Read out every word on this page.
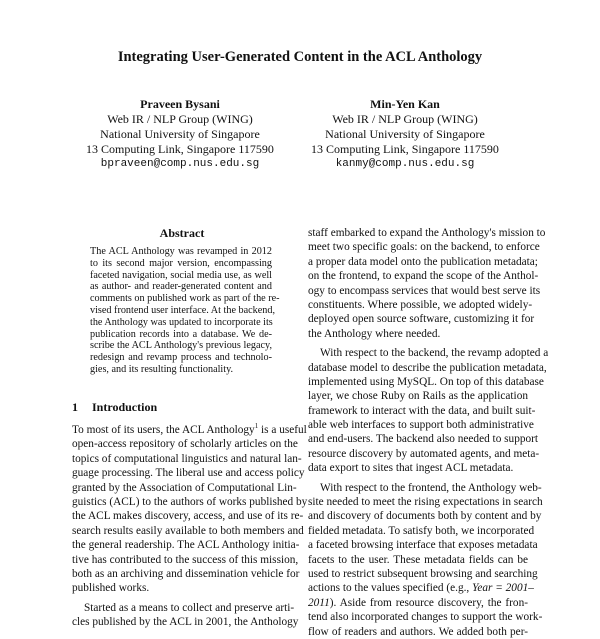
Integrating User-Generated Content in the ACL Anthology
Praveen Bysani
Web IR / NLP Group (WING)
National University of Singapore
13 Computing Link, Singapore 117590
bpraveen@comp.nus.edu.sg
Min-Yen Kan
Web IR / NLP Group (WING)
National University of Singapore
13 Computing Link, Singapore 117590
kanmy@comp.nus.edu.sg
Abstract
The ACL Anthology was revamped in 2012
to its second major version, encompassing
faceted navigation, social media use, as well
as author- and reader-generated content and
comments on published work as part of the re-
vised frontend user interface. At the backend,
the Anthology was updated to incorporate its
publication records into a database. We de-
scribe the ACL Anthology's previous legacy,
redesign and revamp process and technolo-
gies, and its resulting functionality.
1 Introduction
To most of its users, the ACL Anthology$^1$ is a useful
open-access repository of scholarly articles on the
topics of computational linguistics and natural lan-
guage processing. The liberal use and access policy
granted by the Association of Computational Lin-
guistics (ACL) to the authors of works published by
the ACL makes discovery, access, and use of its re-
search results easily available to both members and
the general readership. The ACL Anthology initia-
tive has contributed to the success of this mission,
both as an archiving and dissemination vehicle for
published works.
Started as a means to collect and preserve arti-
cles published by the ACL in 2001, the Anthology
staff embarked to expand the Anthology's mission to
meet two specific goals: on the backend, to enforce
a proper data model onto the publication metadata;
on the frontend, to expand the scope of the Anthol-
ogy to encompass services that would best serve its
constituents. Where possible, we adopted widely-
deployed open source software, customizing it for
the Anthology where needed.
With respect to the backend, the revamp adopted a
database model to describe the publication metadata,
implemented using MySQL. On top of this database
layer, we chose Ruby on Rails as the application
framework to interact with the data, and built suit-
able web interfaces to support both administrative
and end-users. The backend also needed to support
resource discovery by automated agents, and meta-
data export to sites that ingest ACL metadata.
With respect to the frontend, the Anthology web-
site needed to meet the rising expectations in search
and discovery of documents both by content and by
fielded metadata. To satisfy both, we incorporated
a faceted browsing interface that exposes metadata
facets to the user. These metadata fields can be
used to restrict subsequent browsing and searching
actions to the values specified (e.g., Year = 2001–
2011). Aside from resource discovery, the fron-
tend also incorporated changes to support the work-
flow of readers and authors. We added both per-
